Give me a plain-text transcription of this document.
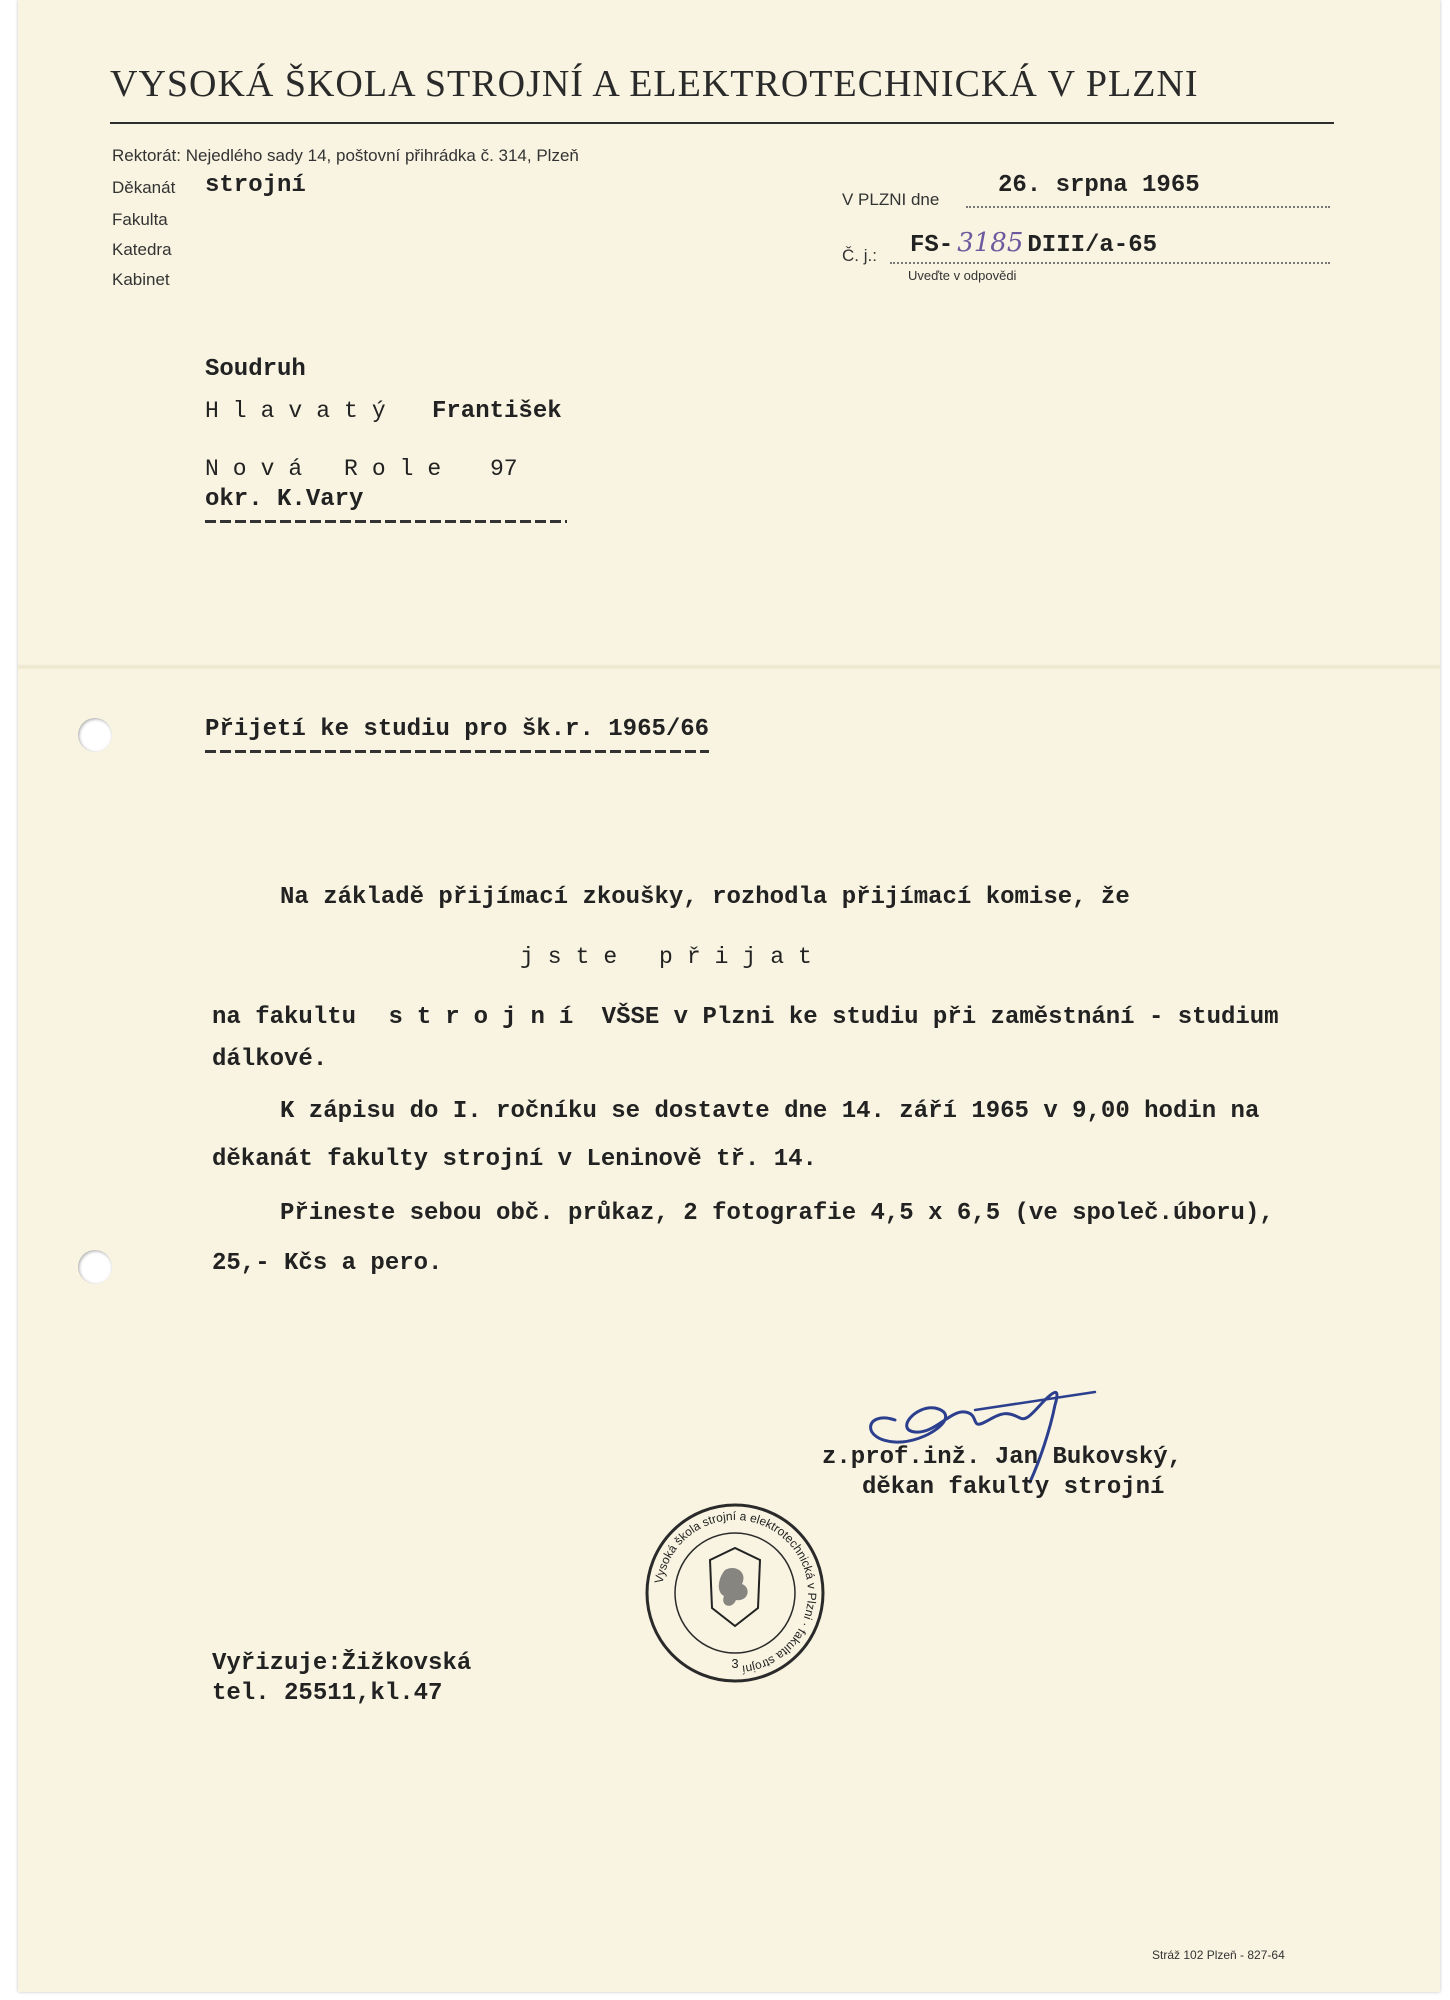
VYSOKÁ ŠKOLA STROJNÍ A ELEKTROTECHNICKÁ V PLZNI
Rektorát: Nejedlého sady 14, poštovní přihrádka č. 314, Plzeň
Děkanát strojní
Fakulta
Katedra
Kabinet
V PLZNI dne
26. srpna 1965
Č. j.: FS- 3185 DIII/a-65
Uveďte v odpovědi
Soudruh
Hlavatý František
Nová Role 97
okr. K.Vary
Přijetí ke studiu pro šk.r. 1965/66
Na základě přijímací zkoušky, rozhodla přijímací komise, že
jste přijat
na fakultu strojní VŠSE v Plzni ke studiu při zaměstnání - studium
dálkové.
K zápisu do I. ročníku se dostavte dne 14. září 1965 v 9,00 hodin na
děkanát fakulty strojní v Leninově tř. 14.
Přineste sebou obč. průkaz, 2 fotografie 4,5 x 6,5 (ve společ.úboru),
25,- Kčs a pero.
z.prof.inž. Jan Bukovský,
děkan fakulty strojní
Vysoká škola strojní a elektrotechnická v Plzni · fakulta strojní
3
Vyřizuje:Žižkovská
tel. 25511,kl.47
Stráž 102 Plzeň - 827-64
